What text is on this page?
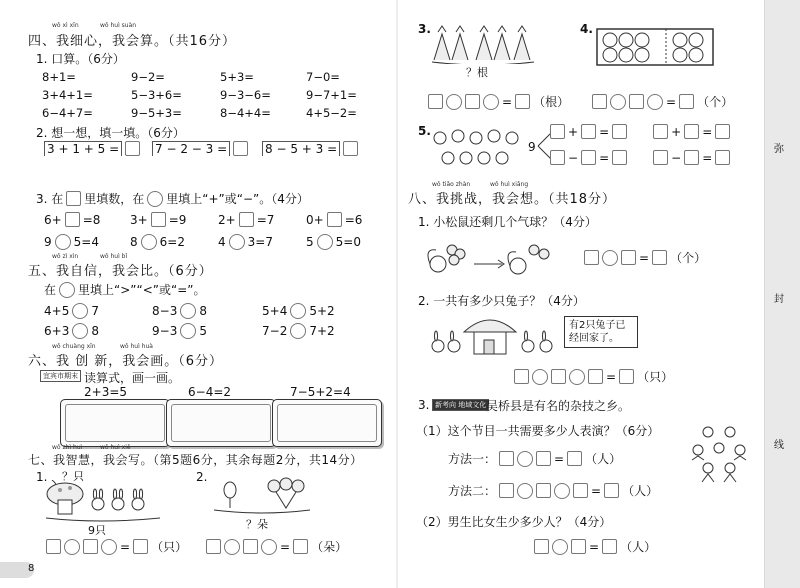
弥
封
线
wǒ xì xīn	wǒ huì suàn
四、我细心，我会算。（共16分）
1. 口算。（6分）
8+1=	9−2=	5+3=	7−0=
3+4+1=	5−3+6=	9−3−6=	9−7+1=
6−4+7=	9−5+3=	8−4+4=	4+5−2=
2. 想一想，填一填。（6分）
3 + 1 + 5 =	7 − 2 − 3 =	8 − 5 + 3 =
3. 在 里填数，在 里填上“+”或“−”。（4分）
6+ =8 3+ =9	2+ =7	0+ =6
9 5=4	8 6=2	4 3=7	5 5=0
wǒ zì xìn	wǒ huì bǐ
五、我自信，我会比。（6分）
在 里填上“>”“<”或“=”。
4+5 7	8−3 8	5+4 5+2
6+3 8	9−3 5	7−2 7+2
wǒ chuàng xīn	wǒ huì huà
六、我 创 新，我会画。（6分）
宜宾市期末 读算式，画一画。
2+3=5	6−4=2	7−5+2=4
wǒ zhì huì	wǒ huì xiě
七、我智慧，我会写。（第5题6分，其余每题2分，共14分）
1. ？只
9只
= （只）
2.
？朵
= （朵）
8
3.
？根
= （根）
4.
= （个）
5.
9
+ =	+ =
− =	− =
wǒ tiǎo zhàn	wǒ huì xiǎng
八、我挑战，我会想。（共18分）
1. 小松鼠还剩几个气球？（4分）
= （个）
2. 一共有多少只兔子？（4分）
有2只兔子已经回家了。
= （只）
3. 新考向 地域文化 吴桥县是有名的杂技之乡。
（1）这个节目一共需要多少人表演？（6分）
方法一：	= （人）
方法二：	= （人）
（2）男生比女生少多少人？（4分）
= （人）
